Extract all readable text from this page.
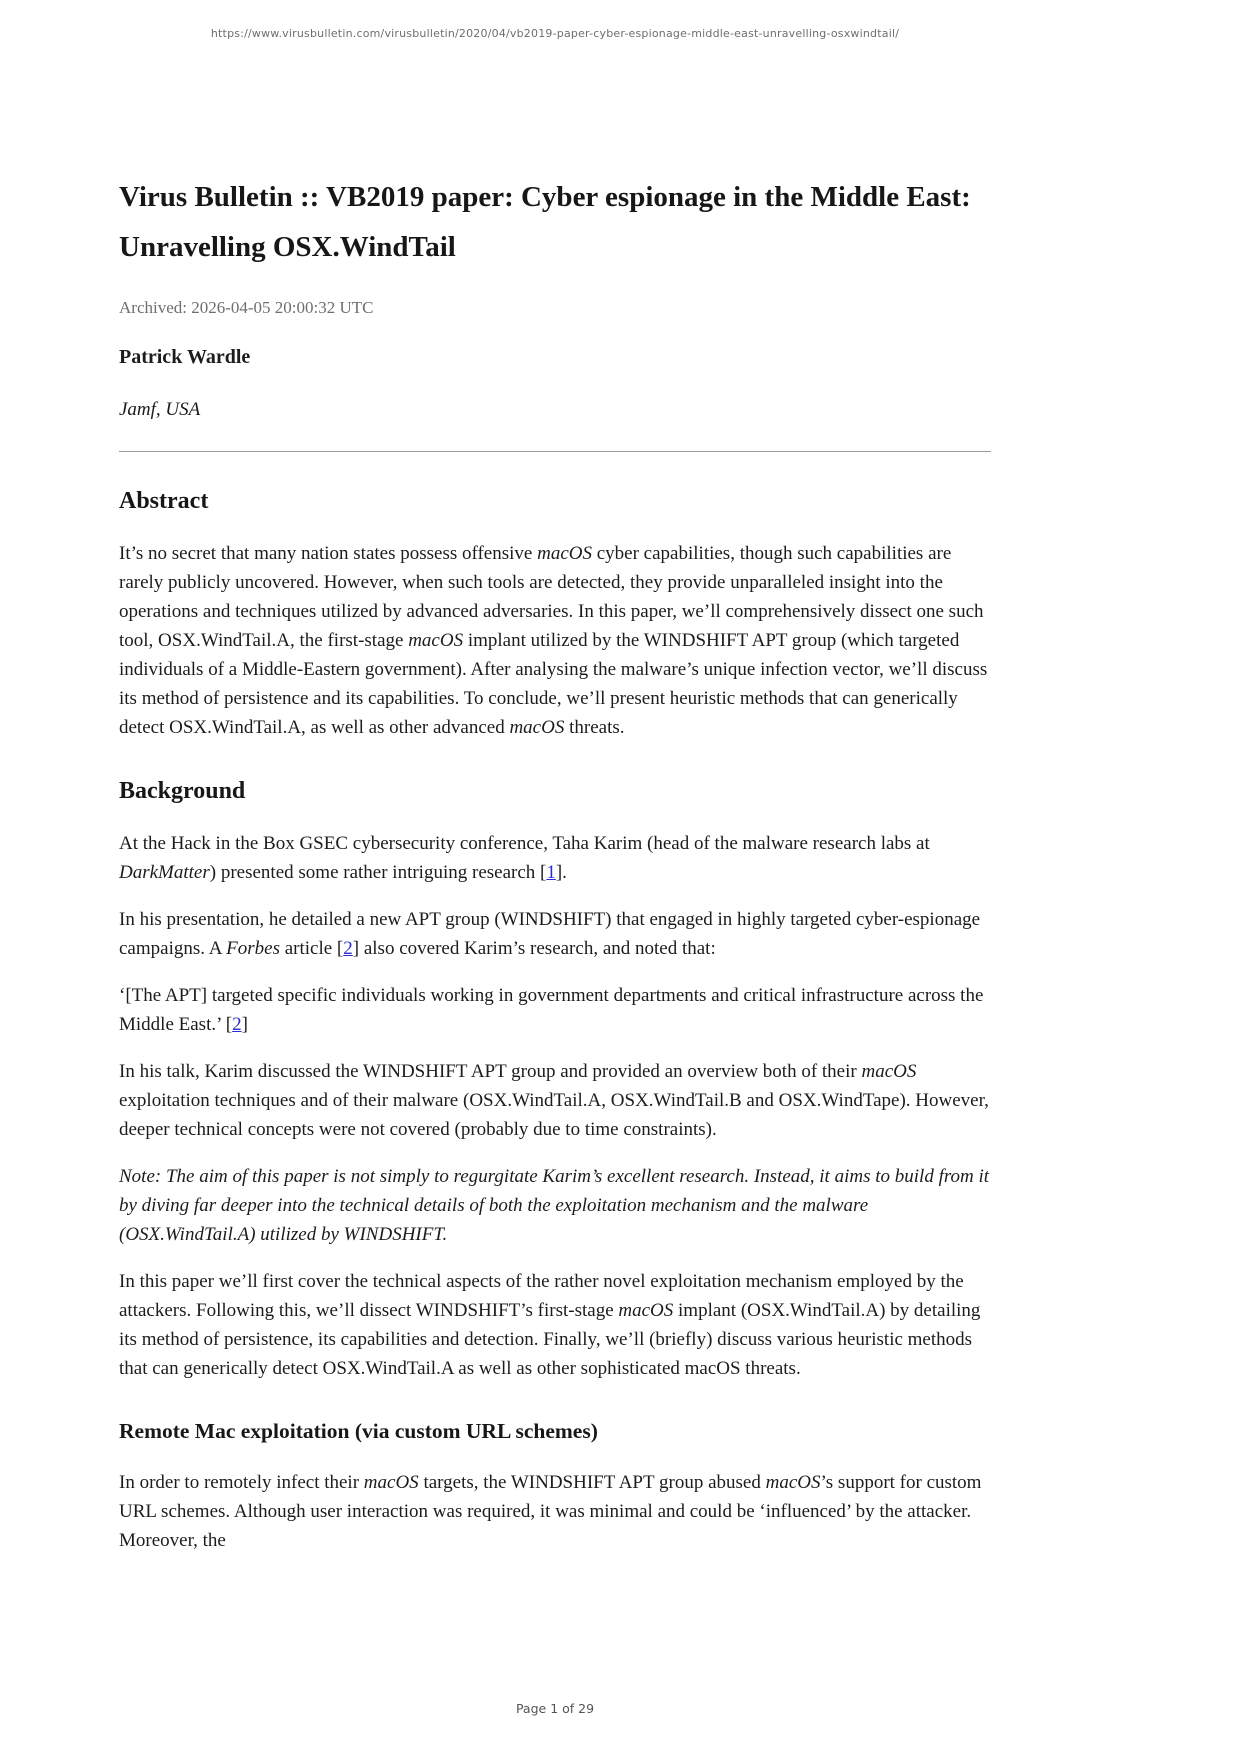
https://www.virusbulletin.com/virusbulletin/2020/04/vb2019-paper-cyber-espionage-middle-east-unravelling-osxwindtail/
Virus Bulletin :: VB2019 paper: Cyber espionage in the Middle East: Unravelling OSX.WindTail
Archived: 2026-04-05 20:00:32 UTC
Patrick Wardle
Jamf, USA
Abstract

It’s no secret that many nation states possess offensive macOS cyber capabilities, though such capabilities are rarely publicly uncovered. However, when such tools are detected, they provide unparalleled insight into the operations and techniques utilized by advanced adversaries. In this paper, we’ll comprehensively dissect one such tool, OSX.WindTail.A, the first-stage macOS implant utilized by the WINDSHIFT APT group (which targeted individuals of a Middle-Eastern government). After analysing the malware’s unique infection vector, we’ll discuss its method of persistence and its capabilities. To conclude, we’ll present heuristic methods that can generically detect OSX.WindTail.A, as well as other advanced macOS threats.

Background

At the Hack in the Box GSEC cybersecurity conference, Taha Karim (head of the malware research labs at DarkMatter) presented some rather intriguing research [1].

In his presentation, he detailed a new APT group (WINDSHIFT) that engaged in highly targeted cyber-espionage campaigns. A Forbes article [2] also covered Karim’s research, and noted that:

‘[The APT] targeted specific individuals working in government departments and critical infrastructure across the Middle East.’ [2]

In his talk, Karim discussed the WINDSHIFT APT group and provided an overview both of their macOS exploitation techniques and of their malware (OSX.WindTail.A, OSX.WindTail.B and OSX.WindTape). However, deeper technical concepts were not covered (probably due to time constraints).

Note: The aim of this paper is not simply to regurgitate Karim’s excellent research. Instead, it aims to build from it by diving far deeper into the technical details of both the exploitation mechanism and the malware (OSX.WindTail.A) utilized by WINDSHIFT.

In this paper we’ll first cover the technical aspects of the rather novel exploitation mechanism employed by the attackers. Following this, we’ll dissect WINDSHIFT’s first-stage macOS implant (OSX.WindTail.A) by detailing its method of persistence, its capabilities and detection. Finally, we’ll (briefly) discuss various heuristic methods that can generically detect OSX.WindTail.A as well as other sophisticated macOS threats.

Remote Mac exploitation (via custom URL schemes)

In order to remotely infect their macOS targets, the WINDSHIFT APT group abused macOS’s support for custom URL schemes. Although user interaction was required, it was minimal and could be ‘influenced’ by the attacker. Moreover, the

Page 1 of 29
